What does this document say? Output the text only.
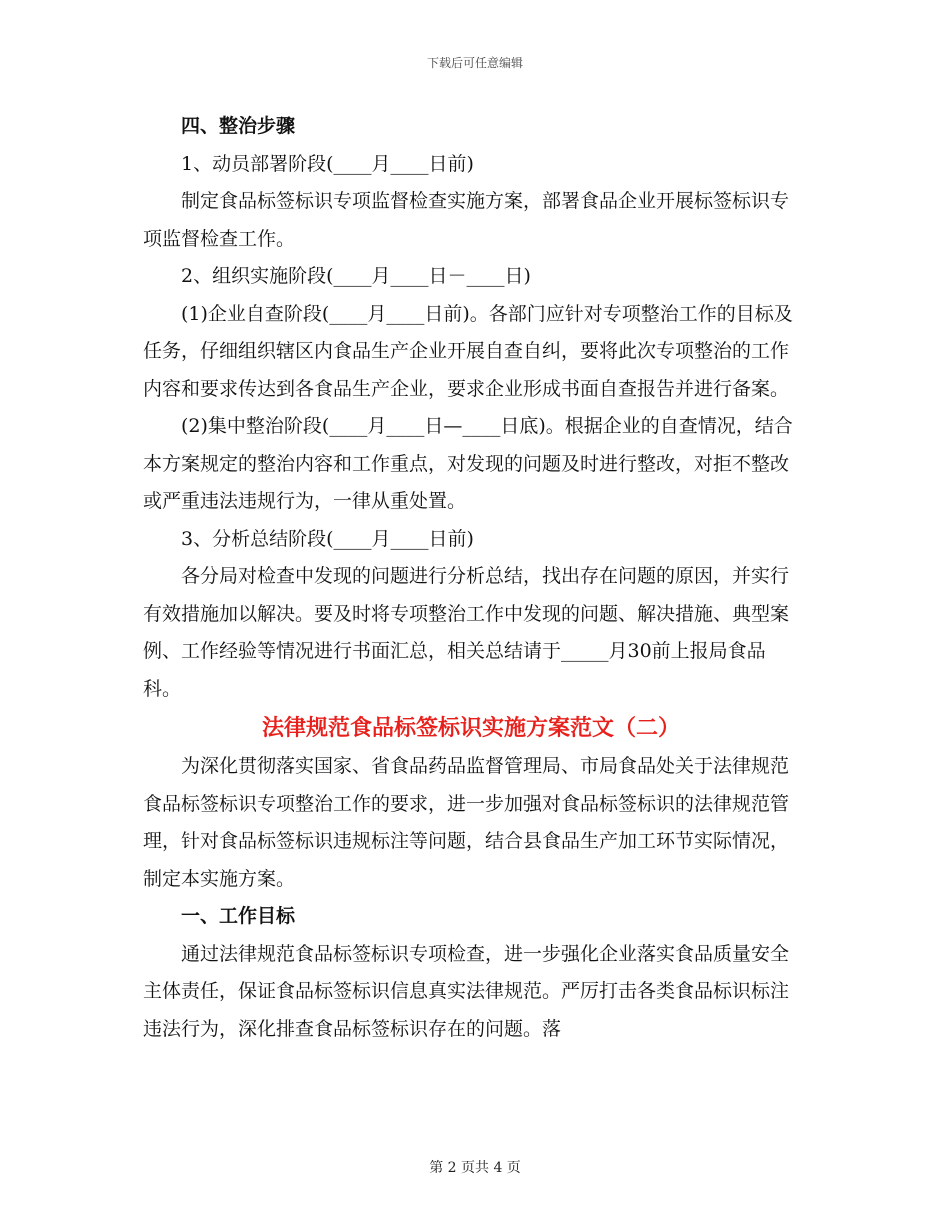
下载后可任意编辑

四、整治步骤

1、动员部署阶段(____月____日前)

制定食品标签标识专项监督检查实施方案，部署食品企业开展标签标识专项监督检查工作。

2、组织实施阶段(____月____日－____日)

(1)企业自查阶段(____月____日前)。各部门应针对专项整治工作的目标及任务，仔细组织辖区内食品生产企业开展自查自纠，要将此次专项整治的工作内容和要求传达到各食品生产企业，要求企业形成书面自查报告并进行备案。

(2)集中整治阶段(____月____日—____日底)。根据企业的自查情况，结合本方案规定的整治内容和工作重点，对发现的问题及时进行整改，对拒不整改或严重违法违规行为，一律从重处置。

3、分析总结阶段(____月____日前)

各分局对检查中发现的问题进行分析总结，找出存在问题的原因，并实行有效措施加以解决。要及时将专项整治工作中发现的问题、解决措施、典型案例、工作经验等情况进行书面汇总，相关总结请于_____月30前上报局食品科。

法律规范食品标签标识实施方案范文（二）

为深化贯彻落实国家、省食品药品监督管理局、市局食品处关于法律规范食品标签标识专项整治工作的要求，进一步加强对食品标签标识的法律规范管理，针对食品标签标识违规标注等问题，结合县食品生产加工环节实际情况，制定本实施方案。

一、工作目标

通过法律规范食品标签标识专项检查，进一步强化企业落实食品质量安全主体责任，保证食品标签标识信息真实法律规范。严厉打击各类食品标识标注违法行为，深化排查食品标签标识存在的问题。落

第 2 页共 4 页
